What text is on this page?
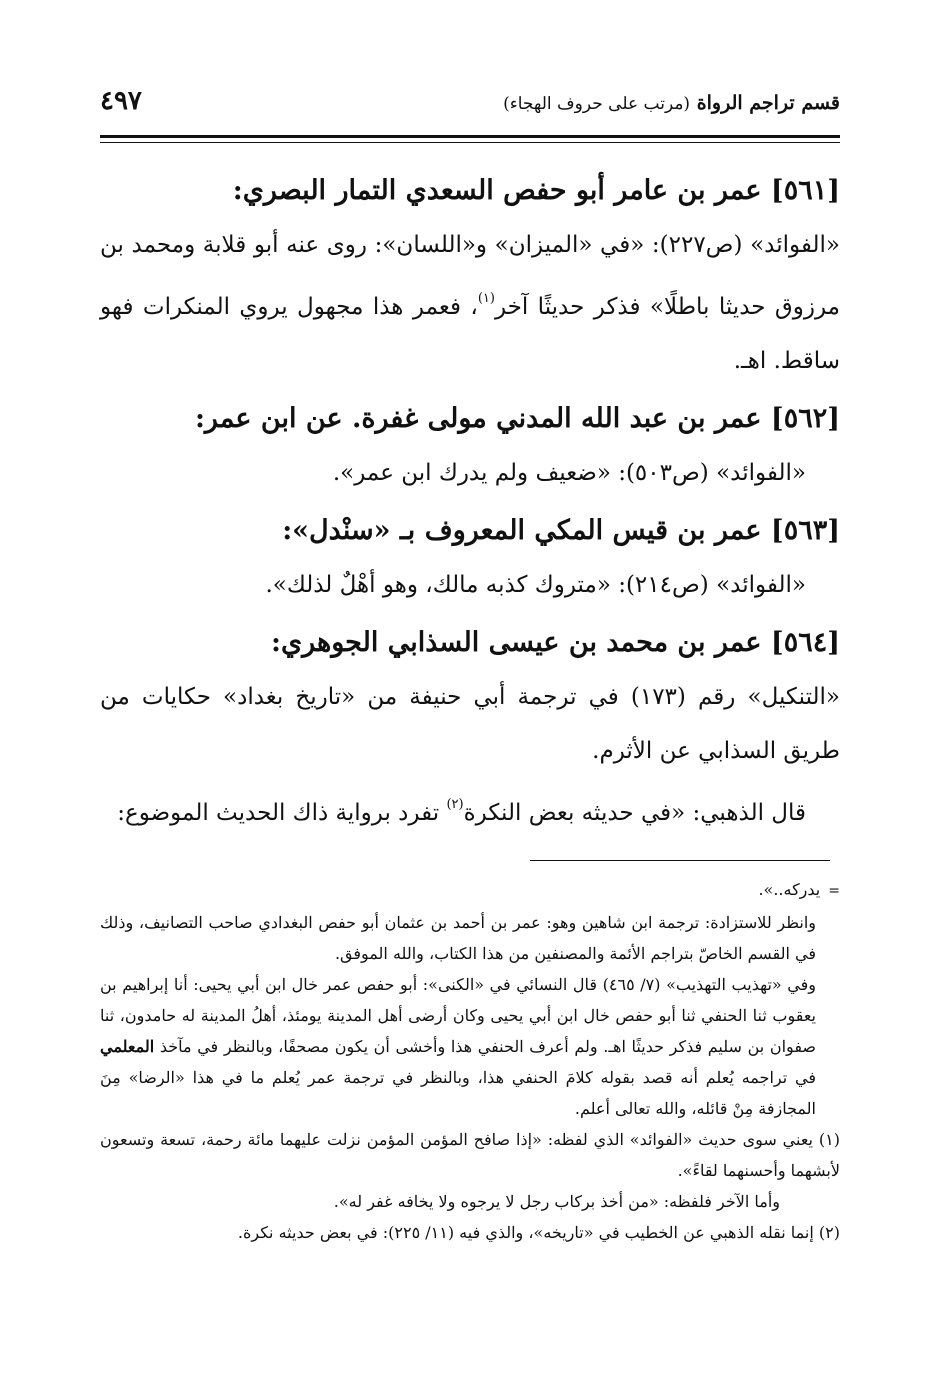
قسم تراجم الرواة (مرتب على حروف الهجاء)
٤٩٧
[٥٦١] عمر بن عامر أبو حفص السعدي التمار البصري:

«الفوائد» (ص٢٢٧): «في «الميزان» و«اللسان»: روى عنه أبو قلابة ومحمد بن مرزوق حديثا باطلًا» فذكر حديثًا آخر$^{(١)}$، فعمر هذا مجهول يروي المنكرات فهو ساقط. اهـ.

[٥٦٢] عمر بن عبد الله المدني مولى غفرة. عن ابن عمر:

«الفوائد» (ص٥٠٣): «ضعيف ولم يدرك ابن عمر».

[٥٦٣] عمر بن قيس المكي المعروف بـ «سنْدل»:

«الفوائد» (ص٢١٤): «متروك كذبه مالك، وهو أهْلٌ لذلك».

[٥٦٤] عمر بن محمد بن عيسى السذابي الجوهري:

«التنكيل» رقم (١٧٣) في ترجمة أبي حنيفة من «تاريخ بغداد» حكايات من طريق السذابي عن الأثرم.

قال الذهبي: «في حديثه بعض النكرة$^{(٢)}$ تفرد برواية ذاك الحديث الموضوع:

=يدركه..».

وانظر للاستزادة: ترجمة ابن شاهين وهو: عمر بن أحمد بن عثمان أبو حفص البغدادي صاحب التصانيف، وذلك في القسم الخاصّ بتراجم الأئمة والمصنفين من هذا الكتاب، والله الموفق.

وفي «تهذيب التهذيب» (٧/ ٤٦٥) قال النسائي في «الكنى»: أبو حفص عمر خال ابن أبي يحيى: أنا إبراهيم بن يعقوب ثنا الحنفي ثنا أبو حفص خال ابن أبي يحيى وكان أرضى أهل المدينة يومئذ، أهلُ المدينة له حامدون، ثنا صفوان بن سليم فذكر حديثًا اهـ. ولم أعرف الحنفي هذا وأخشى أن يكون مصحفًا، وبالنظر في مآخذ المعلمي في تراجمه يُعلم أنه قصد بقوله كلامَ الحنفي هذا، وبالنظر في ترجمة عمر يُعلم ما في هذا «الرضا» مِنَ المجازفة مِنْ قائله، والله تعالى أعلم.

(١) يعني سوى حديث «الفوائد» الذي لفظه: «إذا صافح المؤمن المؤمن نزلت عليهما مائة رحمة، تسعة وتسعون لأبشهما وأحسنهما لقاءً».

وأما الآخر فلفظه: «من أخذ بركاب رجل لا يرجوه ولا يخافه غفر له».

(٢) إنما نقله الذهبي عن الخطيب في «تاريخه»، والذي فيه (١١/ ٢٢٥): في بعض حديثه نكرة.
